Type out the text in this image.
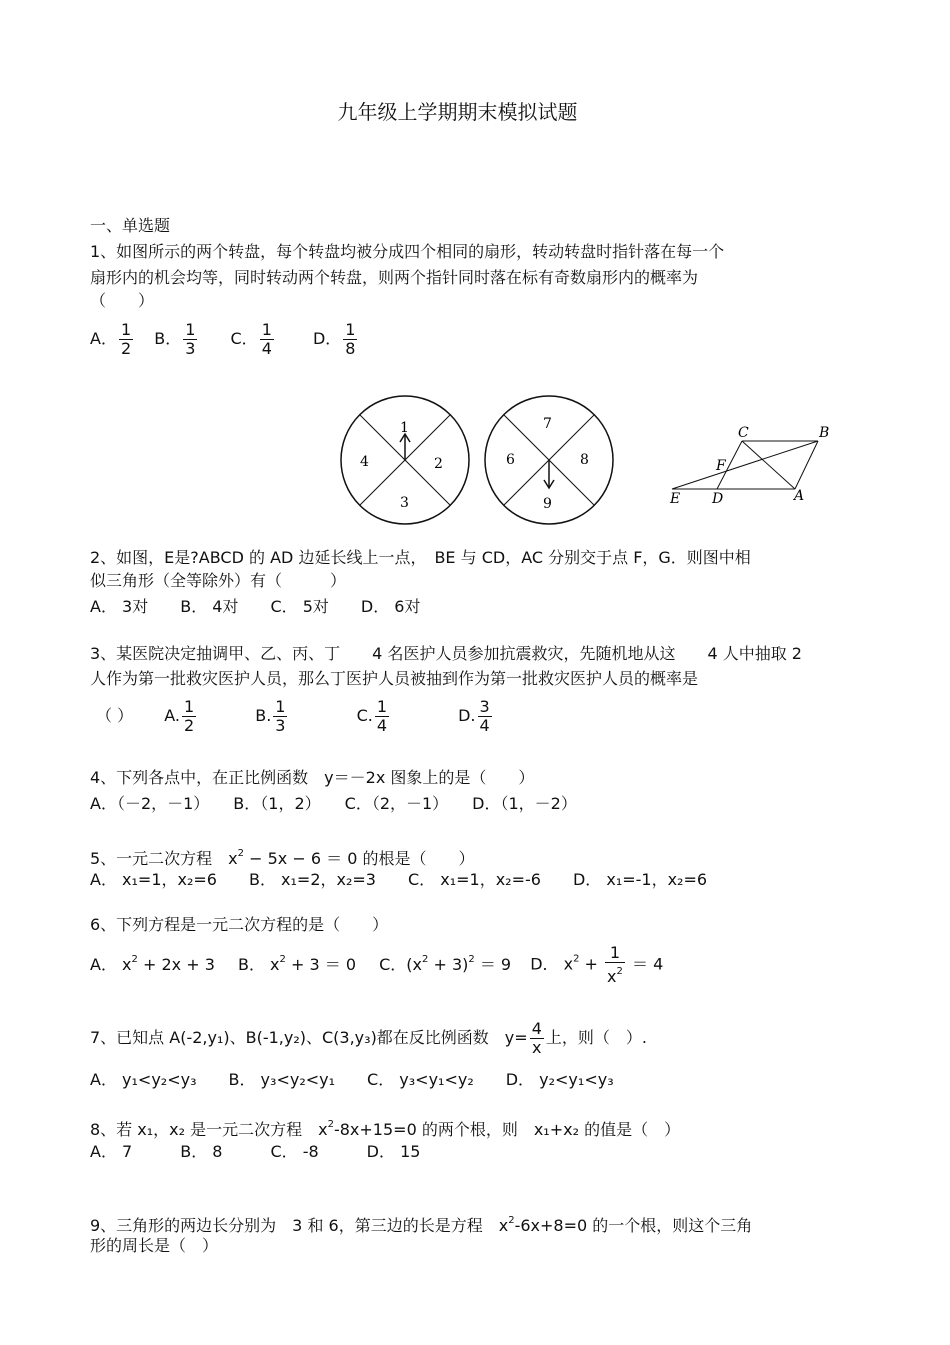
九年级上学期期末模拟试题
一、单选题
1、如图所示的两个转盘，每个转盘均被分成四个相同的扇形，转动转盘时指针落在每一个
扇形内的机会均等，同时转动两个转盘，则两个指针同时落在标有奇数扇形内的概率为
（　　）
A． $\frac{1}{2}$ B． $\frac{1}{3}$ C． $\frac{1}{4}$ D． $\frac{1}{8}$
1
2
3
4
7
8
9
6
C	B
F
E D	A
2、如图，E是?ABCD 的 AD 边延长线上一点，　BE 与 CD，AC 分别交于点 F，G．则图中相
似三角形（全等除外）有（　　　）
A． 3对　　B． 4对　　C． 5对　　D． 6对
3、某医院决定抽调甲、乙、丙、丁　　4 名医护人员参加抗震救灾，先随机地从这　　4 人中抽取 2
人作为第一批救灾医护人员，那么丁医护人员被抽到作为第一批救灾医护人员的概率是
（ ） A. $\frac{1}{2}$	B. $\frac{1}{3}$	C. $\frac{1}{4}$	D. $\frac{3}{4}$
4、下列各点中，在正比例函数　y＝－2x 图象上的是（　　）
A．（－2，－1）　　B．（1，2）　　C．（2，－1）　　D．（1，－2）
5、一元二次方程　$x^2 - 5x - 6 = 0$ 的根是（　　）
A． x₁=1，x₂=6　　B． x₁=2，x₂=3　　C． x₁=1，x₂=-6　　D． x₁=-1，x₂=6
6、下列方程是一元二次方程的是（　　）
A． $x^2 + 2x + 3$ B． $x^2 + 3 = 0$ C．$(x^2 + 3)^2 = 9$ D． $x^2 + \frac{1}{x^2} = 4$
7、已知点 A(-2,y₁)、B(-1,y₂)、C(3,y₃)都在反比例函数　$y= \frac{4}{x}$ 上，则（　）.
A． y₁<y₂<y₃　　B． y₃<y₂<y₁　　C． y₃<y₁<y₂　　D． y₂<y₁<y₃
8、若 x₁，x₂ 是一元二次方程　$x^2-8x+15=0$ 的两个根，则　x₁+x₂ 的值是（　）
A． 7　　　B． 8　　　C． -8　　　D． 15
9、三角形的两边长分别为　3 和 6，第三边的长是方程　$x^2-6x+8=0$ 的一个根，则这个三角
形的周长是（　）
